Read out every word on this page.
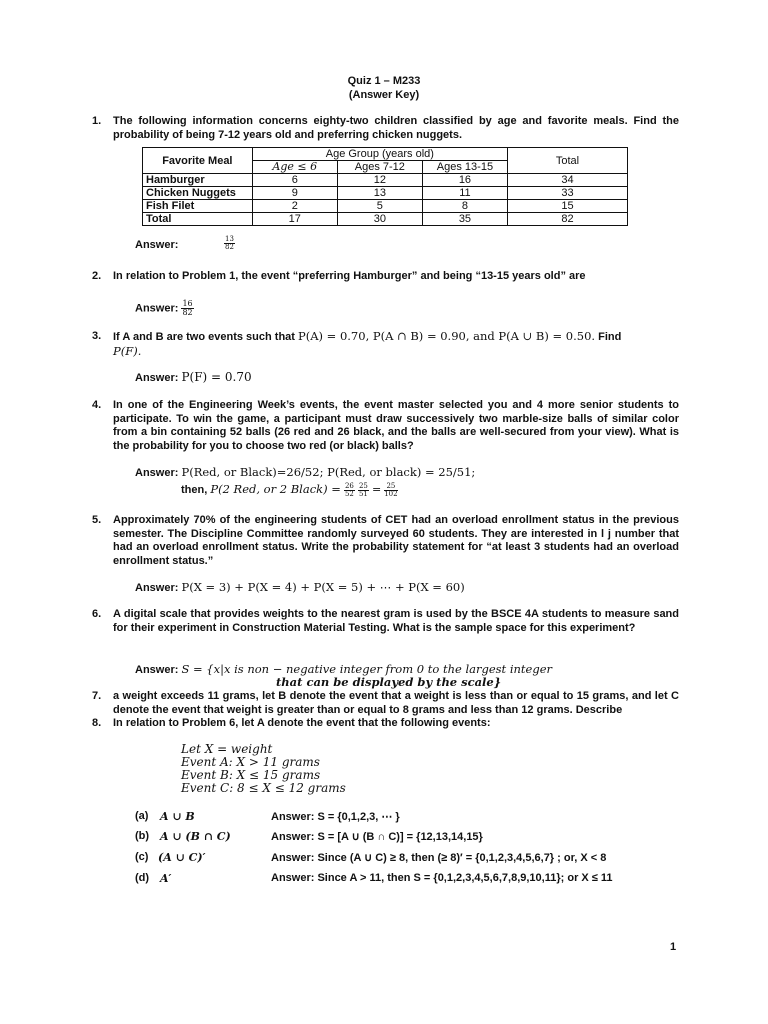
Quiz 1 – M233
(Answer Key)
1. The following information concerns eighty-two children classified by age and favorite meals. Find the probability of being 7-12 years old and preferring chicken nuggets.
Favorite Meal	Age Group (years old)			Total
	Age ≤ 6	Ages 7-12	Ages 13-15	
Hamburger	6	12	16	34
Chicken Nuggets	9	13	11	33
Fish Filet	2	5	8	15
Total	17	30	35	82
Answer:	$\frac{13}{82}$
2. In relation to Problem 1, the event “preferring Hamburger” and being “13-15 years old” are
Answer: $\frac{16}{82}$
3. If A and B are two events such that P(A) = 0.70, P(A ∩ B) = 0.90, and P(A ∪ B) = 0.50. Find
P(F).
Answer: P(F) = 0.70
4. In one of the Engineering Week’s events, the event master selected you and 4 more senior students to participate. To win the game, a participant must draw successively two marble-size balls of similar color from a bin containing 52 balls (26 red and 26 black, and the balls are well-secured from your view). What is the probability for you to choose two red (or black) balls?
Answer: P(Red, or Black)=26/52; P(Red, or black) = 25/51;
then, P(2 Red, or 2 Black) = $\frac{26}{52}$
$\frac{25}{51} = \frac{25}{102}$
5. Approximately 70% of the engineering students of CET had an overload enrollment status in the previous semester. The Discipline Committee randomly surveyed 60 students. They are interested in l j number that had an overload enrollment status. Write the probability statement for “at least 3 students had an overload enrollment status.”
Answer: P(X = 3) + P(X = 4) + P(X = 5) + ⋯ + P(X = 60)
6. A digital scale that provides weights to the nearest gram is used by the BSCE 4A students to measure sand for their experiment in Construction Material Testing. What is the sample space for this experiment?
Answer: S = {x|x is non − negative integer from 0 to the largest integer
that can be displayed by the scale}
7. a weight exceeds 11 grams, let B denote the event that a weight is less than or equal to 15 grams, and let C denote the event that weight is greater than or equal to 8 grams and less than 12 grams. Describe
8. In relation to Problem 6, let A denote the event that the following events:
Let X = weight
Event A: X > 11 grams
Event B: X ≤ 15 grams
Event C: 8 ≤ X ≤ 12 grams
(a) A ∪ B	Answer: S = {0,1,2,3, ⋯ }
(b) A ∪ (B ∩ C)	Answer: S = [A ∪ (B ∩ C)] = {12,13,14,15}
(c) (A ∪ C)′	Answer: Since (A ∪ C) ≥ 8, then (≥ 8)′ = {0,1,2,3,4,5,6,7} ; or, X < 8
(d) A′	Answer: Since A > 11, then S = {0,1,2,3,4,5,6,7,8,9,10,11}; or X ≤ 11
1
